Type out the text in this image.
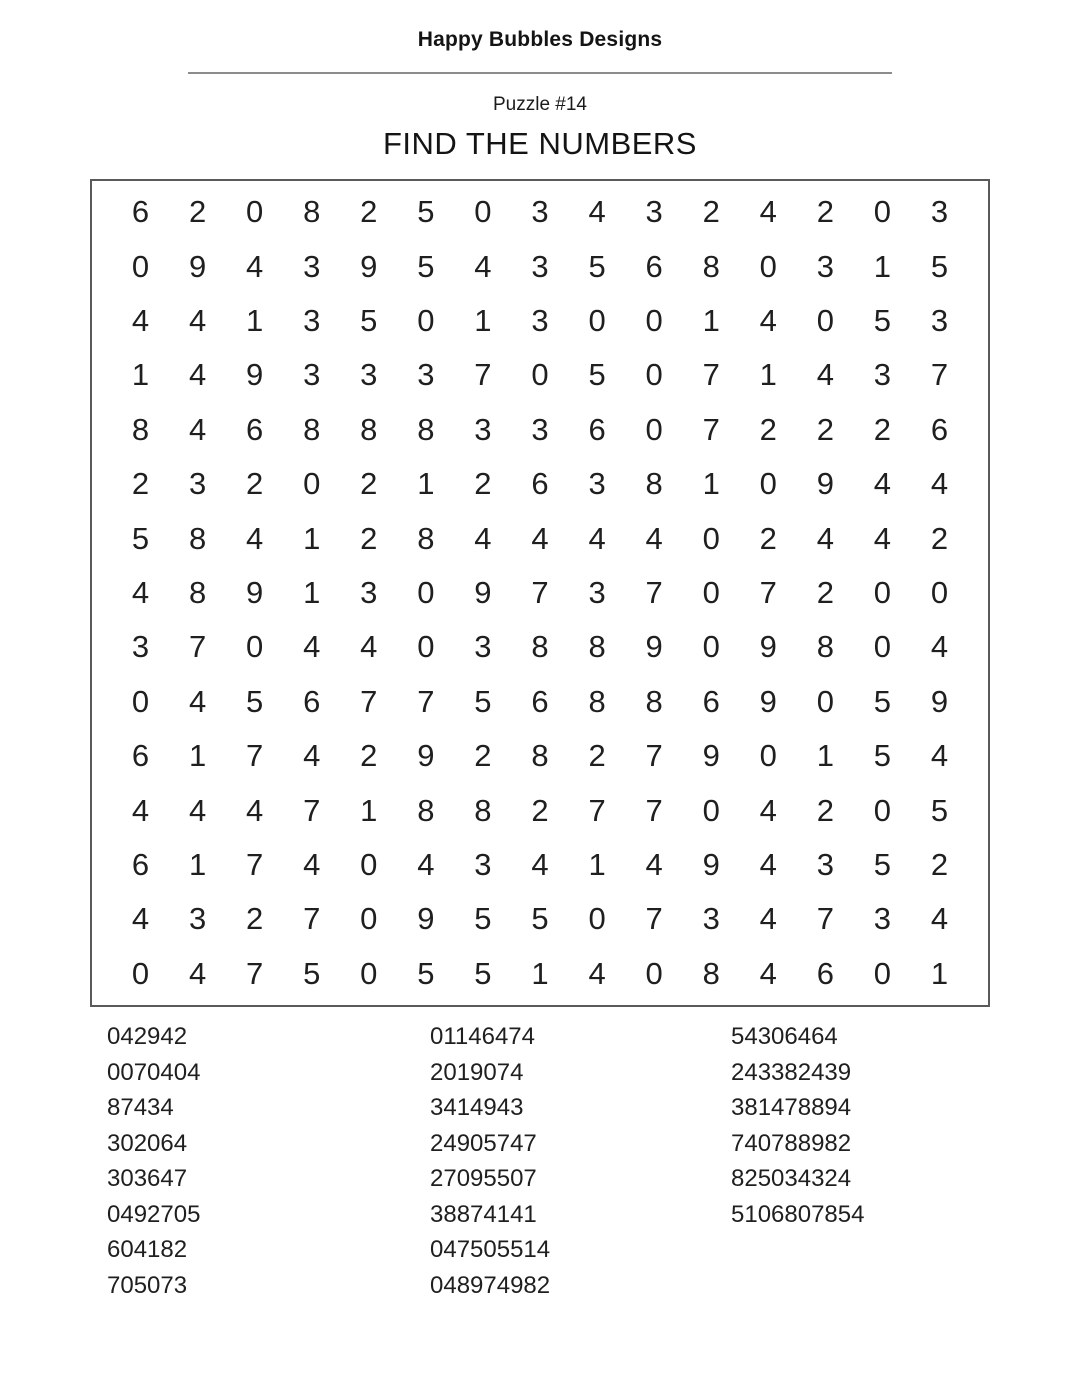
Happy Bubbles Designs
Puzzle #14
FIND THE NUMBERS
6	2	0	8	2	5	0	3	4	3	2	4	2	0	3
0	9	4	3	9	5	4	3	5	6	8	0	3	1	5
4	4	1	3	5	0	1	3	0	0	1	4	0	5	3
1	4	9	3	3	3	7	0	5	0	7	1	4	3	7
8	4	6	8	8	8	3	3	6	0	7	2	2	2	6
2	3	2	0	2	1	2	6	3	8	1	0	9	4	4
5	8	4	1	2	8	4	4	4	4	0	2	4	4	2
4	8	9	1	3	0	9	7	3	7	0	7	2	0	0
3	7	0	4	4	0	3	8	8	9	0	9	8	0	4
0	4	5	6	7	7	5	6	8	8	6	9	0	5	9
6	1	7	4	2	9	2	8	2	7	9	0	1	5	4
4	4	4	7	1	8	8	2	7	7	0	4	2	0	5
6	1	7	4	0	4	3	4	1	4	9	4	3	5	2
4	3	2	7	0	9	5	5	0	7	3	4	7	3	4
0	4	7	5	0	5	5	1	4	0	8	4	6	0	1
042942
0070404
87434
302064
303647
0492705
604182
705073
01146474
2019074
3414943
24905747
27095507
38874141
047505514
048974982
54306464
243382439
381478894
740788982
825034324
5106807854
